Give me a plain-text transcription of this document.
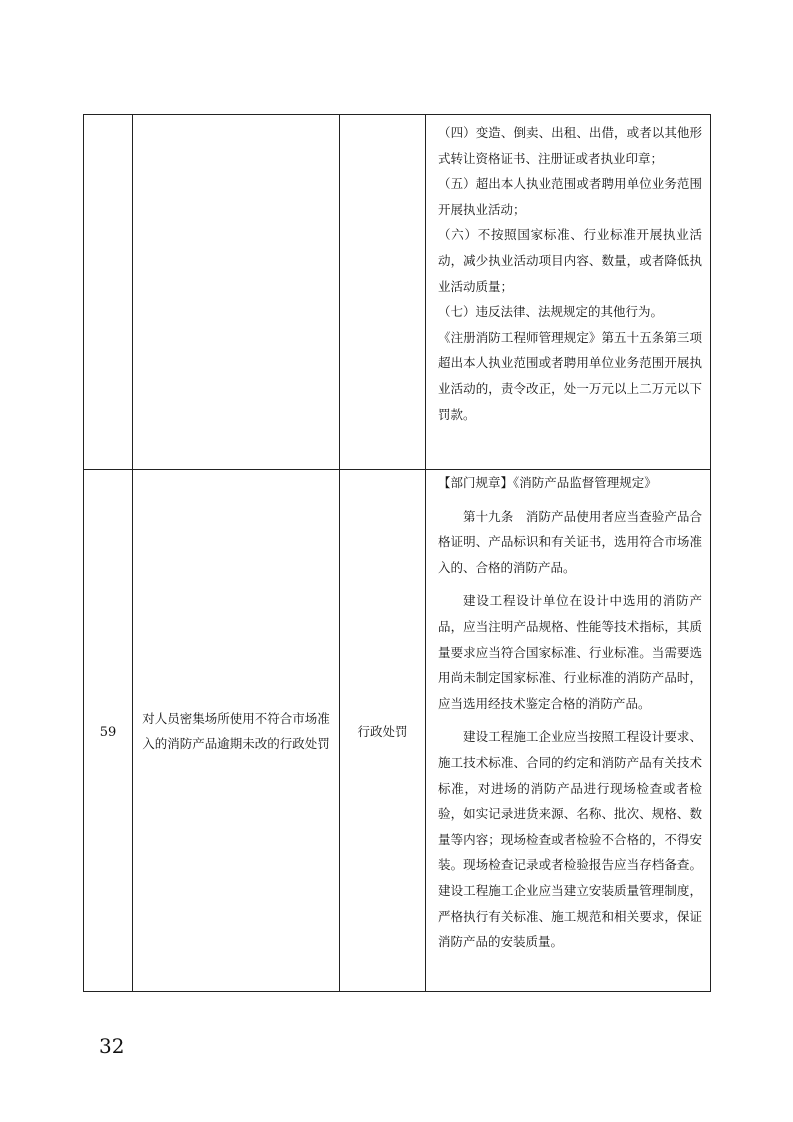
			（四）变造、倒卖、出租、出借，或者以其他形式转让资格证书、注册证或者执业印章；

（五）超出本人执业范围或者聘用单位业务范围开展执业活动；

（六）不按照国家标准、行业标准开展执业活动，减少执业活动项目内容、数量，或者降低执业活动质量；

（七）违反法律、法规规定的其他行为。

《注册消防工程师管理规定》第五十五条第三项 超出本人执业范围或者聘用单位业务范围开展执业活动的，责令改正，处一万元以上二万元以下罚款。

59	对人员密集场所使用不符合市场准入的消防产品逾期未改的行政处罚	行政处罚	【部门规章】《消防产品监督管理规定》

第十九条　消防产品使用者应当查验产品合格证明、产品标识和有关证书，选用符合市场准入的、合格的消防产品。

建设工程设计单位在设计中选用的消防产品，应当注明产品规格、性能等技术指标，其质量要求应当符合国家标准、行业标准。当需要选用尚未制定国家标准、行业标准的消防产品时，应当选用经技术鉴定合格的消防产品。

建设工程施工企业应当按照工程设计要求、施工技术标准、合同的约定和消防产品有关技术标准，对进场的消防产品进行现场检查或者检验，如实记录进货来源、名称、批次、规格、数量等内容；现场检查或者检验不合格的，不得安装。现场检查记录或者检验报告应当存档备查。建设工程施工企业应当建立安装质量管理制度，严格执行有关标准、施工规范和相关要求，保证消防产品的安装质量。

32
